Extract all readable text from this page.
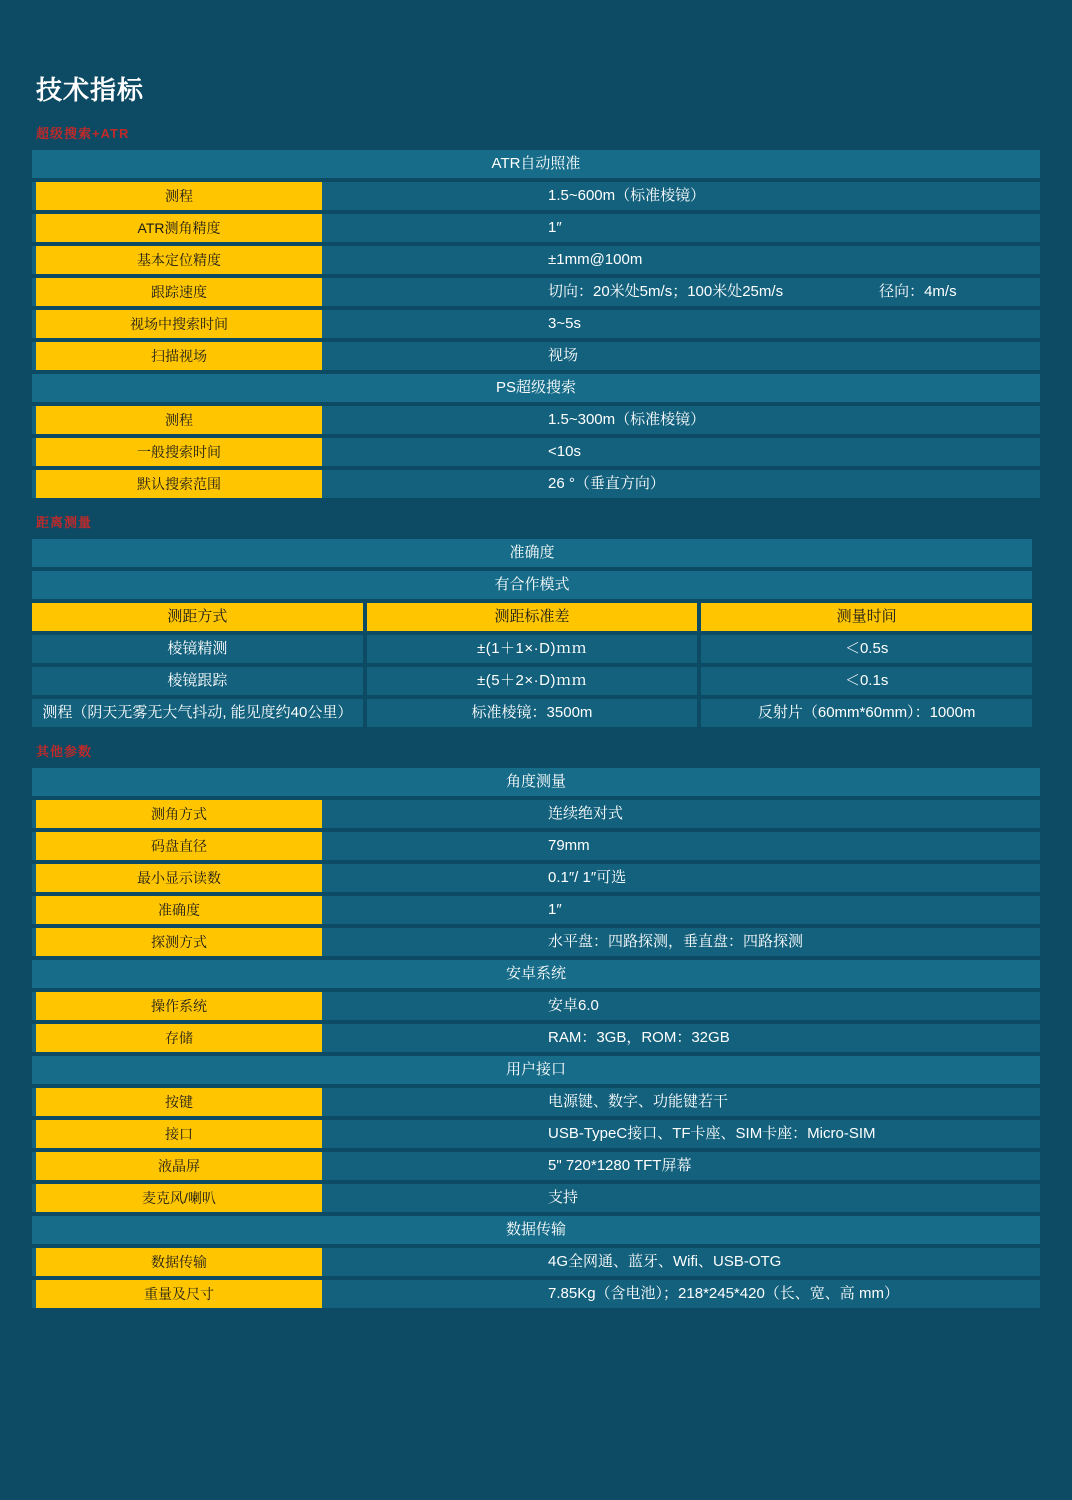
技术指标
超级搜索+ATR
ATR自动照准	

测程	1.5~600m（标准棱镜）

ATR测角精度	1″

基本定位精度	±1mm@100m

跟踪速度	切向：20米处5m/s；100米处25m/s 径向：4m/s

视场中搜索时间	3~5s

扫描视场	视场
PS超级搜索	

测程	1.5~300m（标准棱镜）

一般搜索时间	<10s

默认搜索范围	26 °（垂直方向）
距离测量
准确度		
有合作模式		
测距方式	测距标准差	测量时间
棱镜精测	±(1＋1×·D)ｍｍ	＜0.5s
棱镜跟踪	±(5＋2×·D)ｍｍ	＜0.1s
测程（阴天无雾无大气抖动, 能见度约40公里）	标准棱镜：3500m	反射片（60mm*60mm）：1000m
其他参数
角度测量	

测角方式	连续绝对式

码盘直径	79mm

最小显示读数	0.1″/ 1″可选

准确度	1″

探测方式	水平盘：四路探测，垂直盘：四路探测
安卓系统	

操作系统	安卓6.0

存储	RAM：3GB，ROM：32GB
用户接口	

按键	电源键、数字、功能键若干

接口	USB-TypeC接口、TF卡座、SIM卡座：Micro-SIM

液晶屏	5" 720*1280 TFT屏幕

麦克风/喇叭	支持
数据传输	

数据传输	4G全网通、蓝牙、Wifi、USB-OTG

重量及尺寸	7.85Kg（含电池）；218*245*420（长、宽、高 mm）
